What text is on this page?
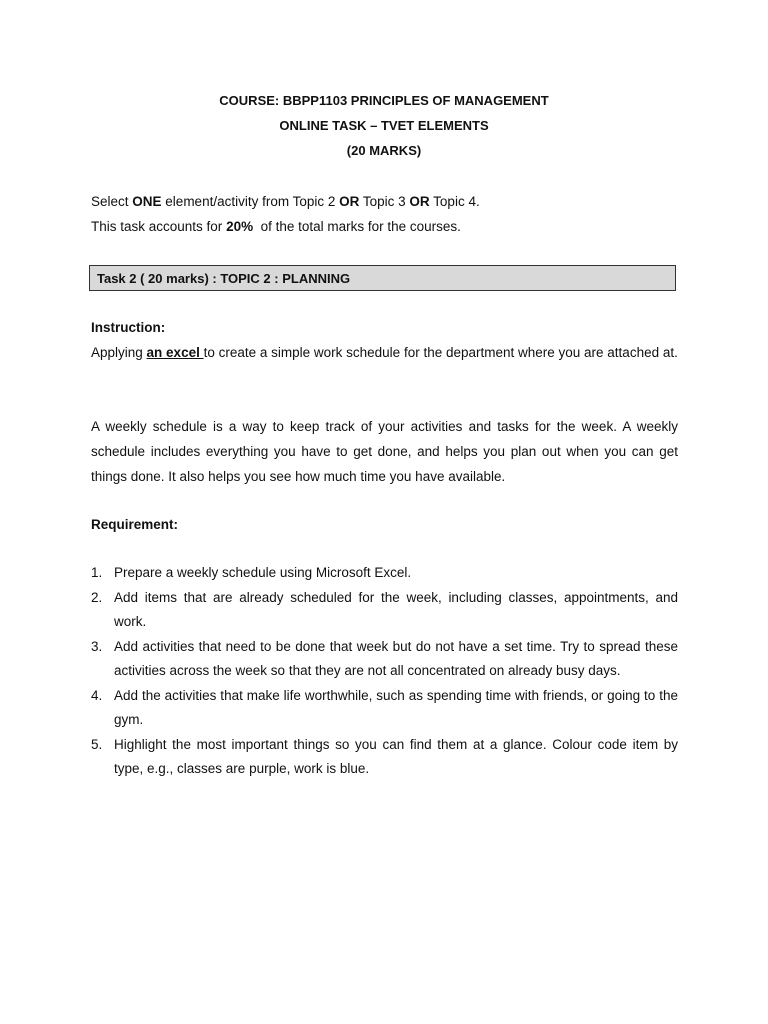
COURSE: BBPP1103 PRINCIPLES OF MANAGEMENT
ONLINE TASK – TVET ELEMENTS
(20 MARKS)
Select ONE element/activity from Topic 2 OR Topic 3 OR Topic 4.
This task accounts for 20%  of the total marks for the courses.
Task 2 ( 20 marks) : TOPIC 2 : PLANNING
Instruction:
Applying an excel to create a simple work schedule for the department where you are attached at.
A weekly schedule is a way to keep track of your activities and tasks for the week. A weekly schedule includes everything you have to get done, and helps you plan out when you can get things done. It also helps you see how much time you have available.
Requirement:
1. Prepare a weekly schedule using Microsoft Excel.
2. Add items that are already scheduled for the week, including classes, appointments, and work.
3. Add activities that need to be done that week but do not have a set time. Try to spread these activities across the week so that they are not all concentrated on already busy days.
4. Add the activities that make life worthwhile, such as spending time with friends, or going to the gym.
5. Highlight the most important things so you can find them at a glance. Colour code item by type, e.g., classes are purple, work is blue.
